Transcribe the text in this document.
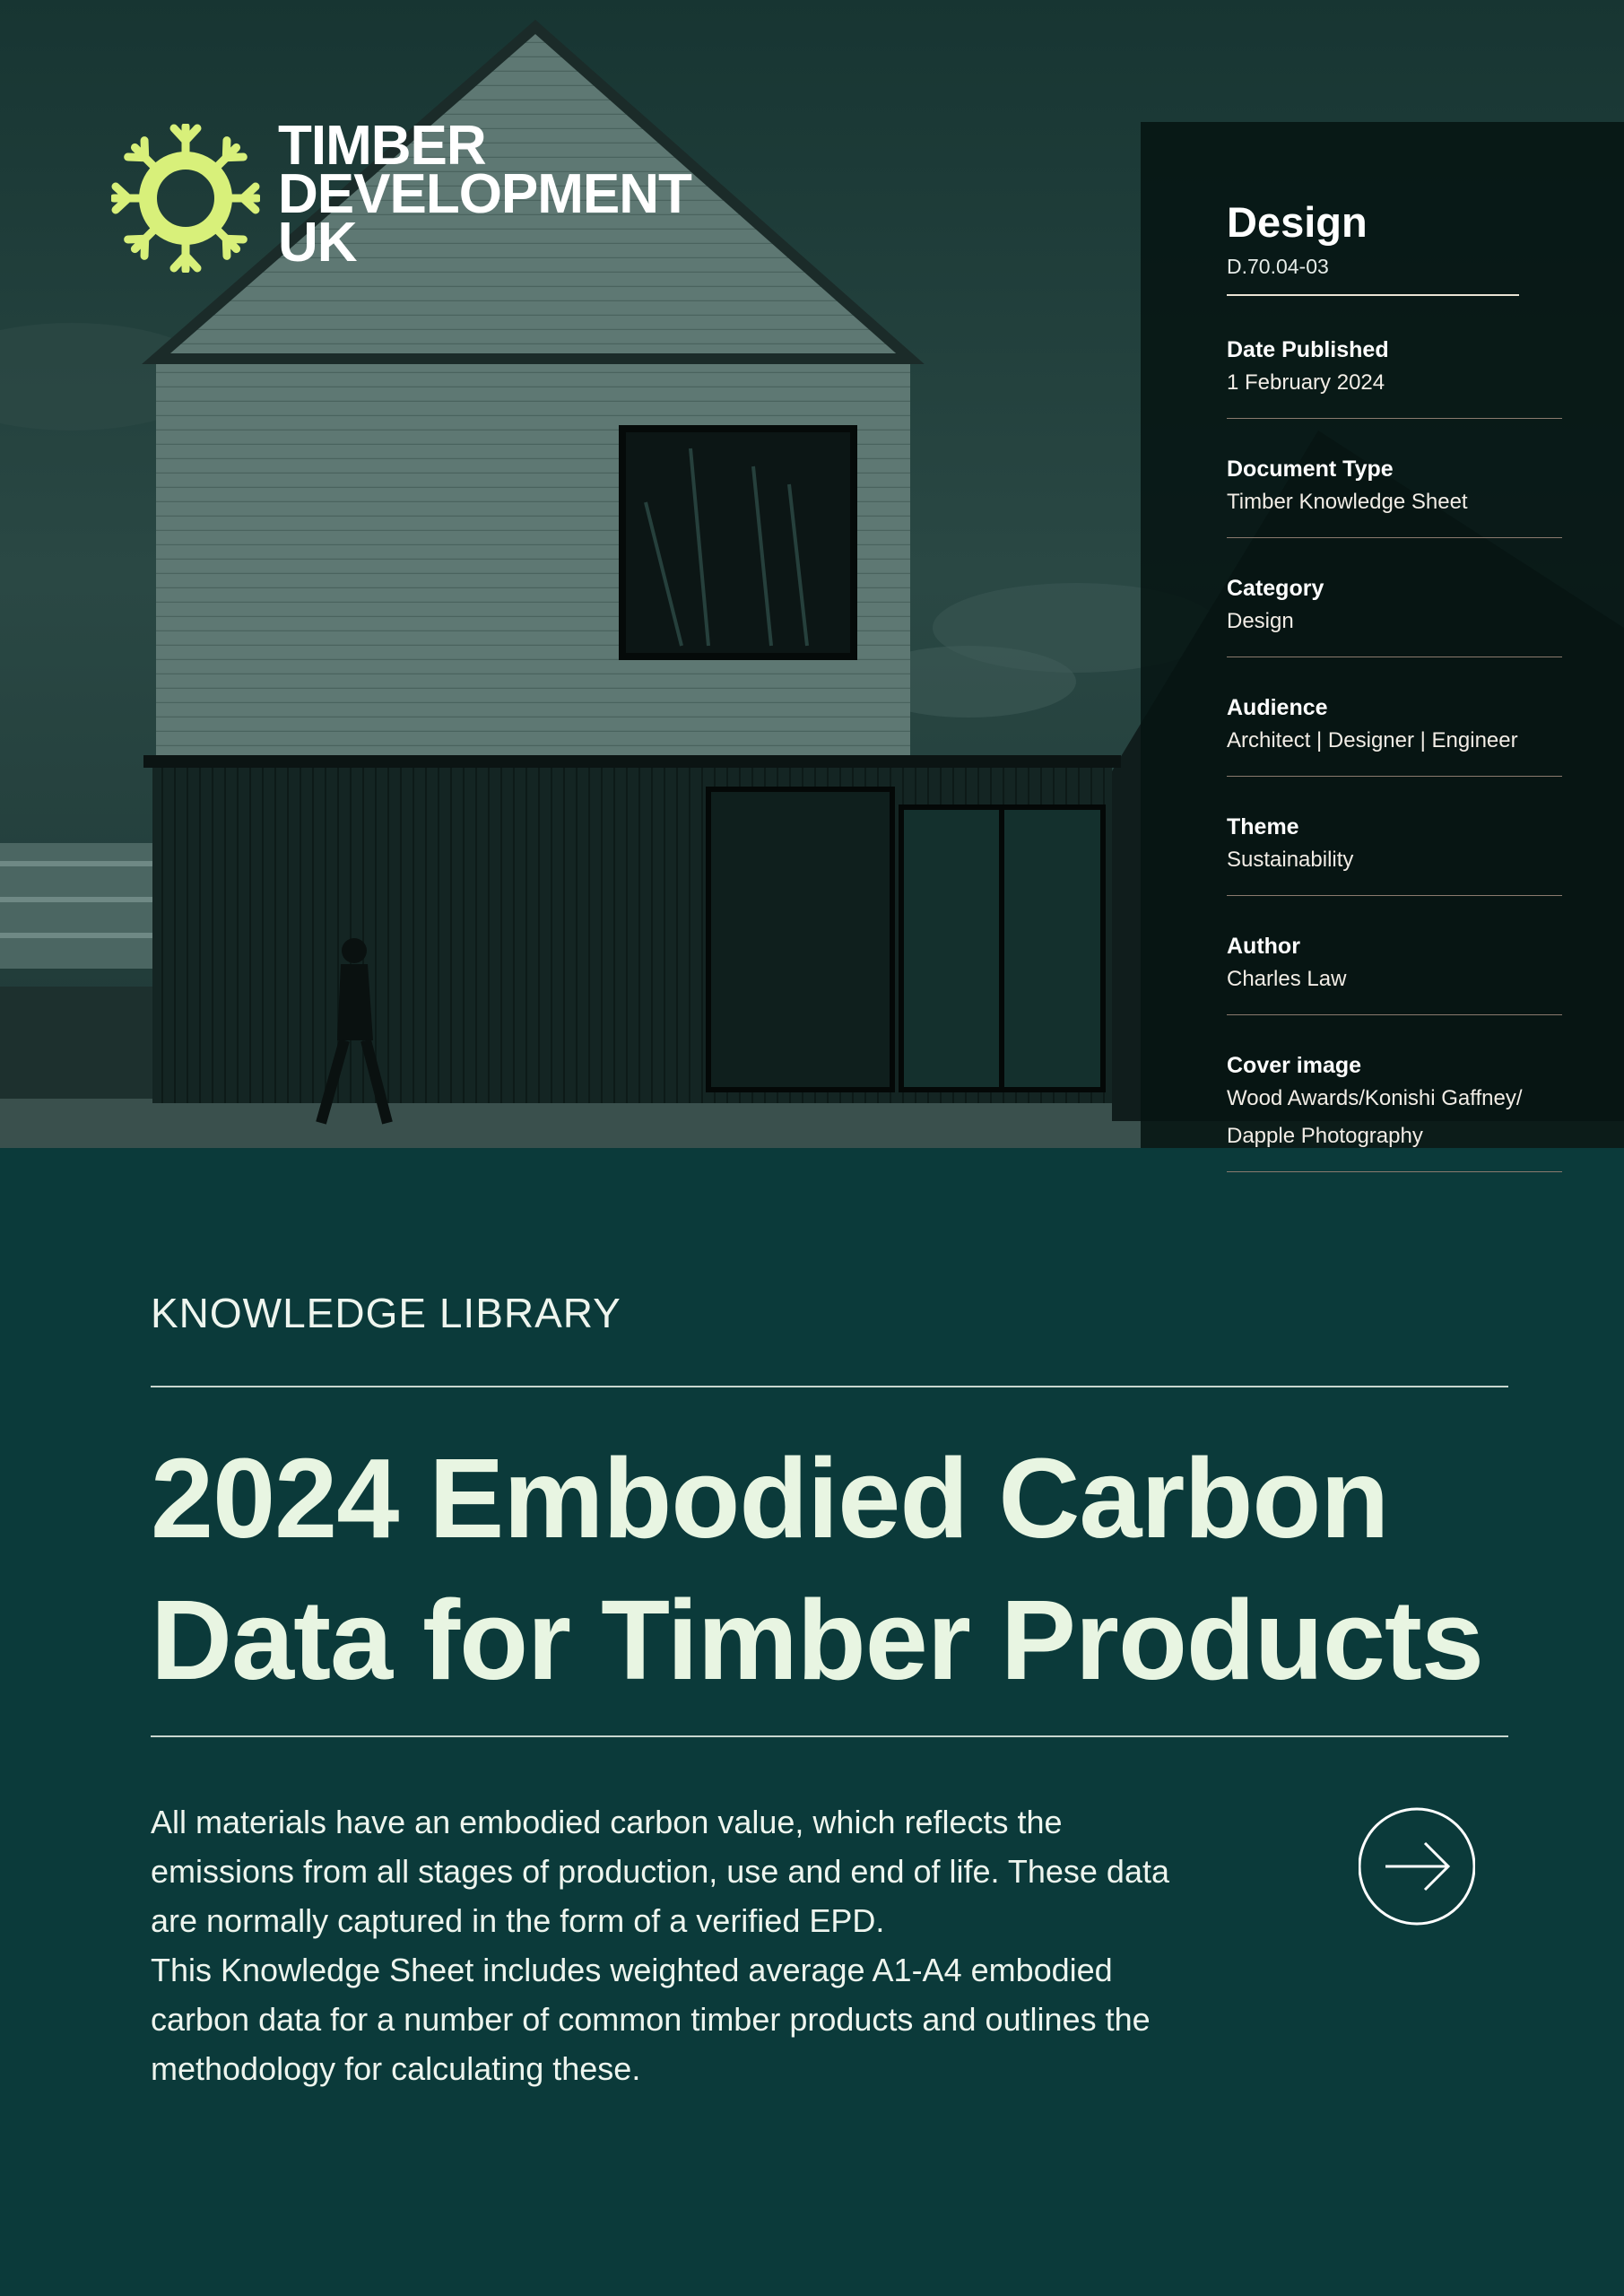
TIMBER
DEVELOPMENT
UK	Design
D.70.04-03
Date Published
1 February 2024
Document Type
Timber Knowledge Sheet
Category
Design
Audience
Architect | Designer | Engineer
Theme
Sustainability
Author
Charles Law
Cover image
Wood Awards/Konishi Gaffney/
Dapple Photography
KNOWLEDGE LIBRARY
2024 Embodied Carbon
Data for Timber Products
All materials have an embodied carbon value, which reflects the
emissions from all stages of production, use and end of life. These data
are normally captured in the form of a verified EPD.
This Knowledge Sheet includes weighted average A1-A4 embodied
carbon data for a number of common timber products and outlines the
methodology for calculating these.
